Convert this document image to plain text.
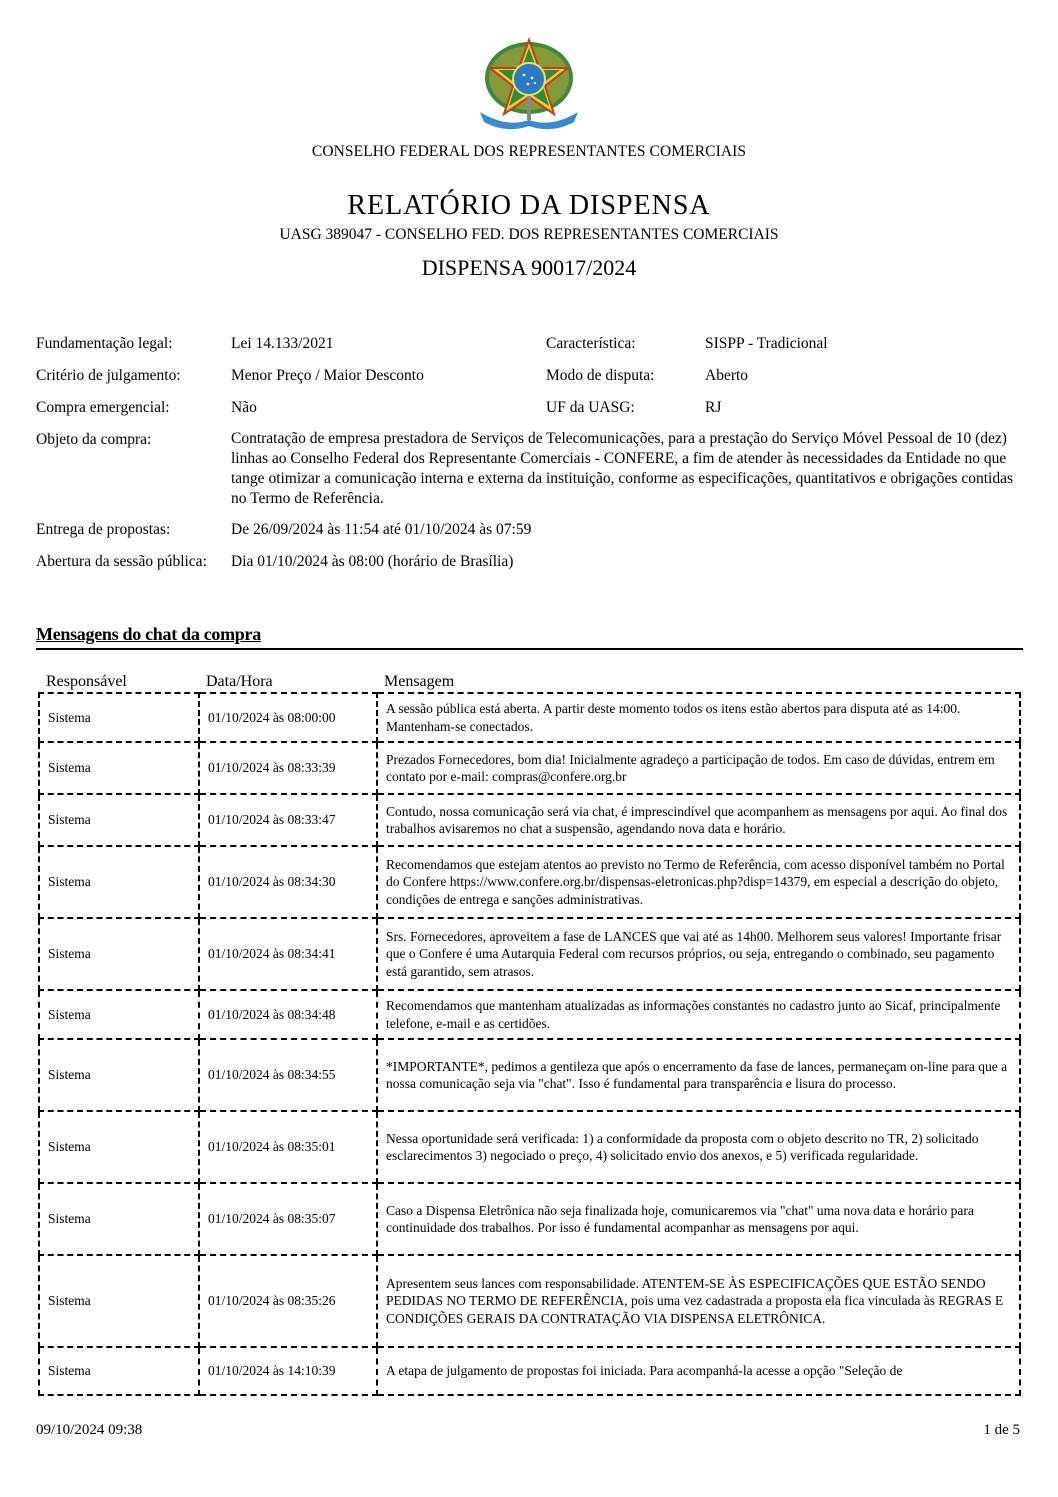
CONSELHO FEDERAL DOS REPRESENTANTES COMERCIAIS
RELATÓRIO DA DISPENSA
UASG 389047 - CONSELHO FED. DOS REPRESENTANTES COMERCIAIS
DISPENSA 90017/2024
Fundamentação legal:	Lei 14.133/2021	Característica:	SISPP - Tradicional
Critério de julgamento:	Menor Preço / Maior Desconto	Modo de disputa:	Aberto
Compra emergencial:	Não	UF da UASG:	RJ
Objeto da compra:	Contratação de empresa prestadora de Serviços de Telecomunicações, para a prestação do Serviço Móvel Pessoal de 10 (dez) linhas ao Conselho Federal dos Representante Comerciais - CONFERE, a fim de atender às necessidades da Entidade no que tange otimizar a comunicação interna e externa da instituição, conforme as especificações, quantitativos e obrigações contidas no Termo de Referência.
Entrega de propostas:	De 26/09/2024 às 11:54 até 01/10/2024 às 07:59
Abertura da sessão pública: Dia 01/10/2024 às 08:00 (horário de Brasília)
Mensagens do chat da compra
Responsável	Data/Hora	Mensagem
Sistema	01/10/2024 às 08:00:00	A sessão pública está aberta. A partir deste momento todos os itens estão abertos para disputa até as 14:00. Mantenham-se conectados.
Sistema	01/10/2024 às 08:33:39	Prezados Fornecedores, bom dia! Inicialmente agradeço a participação de todos. Em caso de dúvidas, entrem em contato por e-mail: compras@confere.org.br
Sistema	01/10/2024 às 08:33:47	Contudo, nossa comunicação será via chat, é imprescindível que acompanhem as mensagens por aqui. Ao final dos trabalhos avisaremos no chat a suspensão, agendando nova data e horário.
Sistema	01/10/2024 às 08:34:30	Recomendamos que estejam atentos ao previsto no Termo de Referência, com acesso disponível também no Portal do Confere https://www.confere.org.br/dispensas-eletronicas.php?disp=14379, em especial a descrição do objeto, condições de entrega e sanções administrativas.
Sistema	01/10/2024 às 08:34:41	Srs. Fornecedores, aproveitem a fase de LANCES que vai até as 14h00. Melhorem seus valores! Importante frisar que o Confere é uma Autarquia Federal com recursos próprios, ou seja, entregando o combinado, seu pagamento está garantido, sem atrasos.
Sistema	01/10/2024 às 08:34:48	Recomendamos que mantenham atualizadas as informações constantes no cadastro junto ao Sicaf, principalmente telefone, e-mail e as certidões.
Sistema	01/10/2024 às 08:34:55	*IMPORTANTE*, pedimos a gentileza que após o encerramento da fase de lances, permaneçam on-line para que a nossa comunicação seja via "chat". Isso é fundamental para transparência e lisura do processo.
Sistema	01/10/2024 às 08:35:01	Nessa oportunidade será verificada: 1) a conformidade da proposta com o objeto descrito no TR, 2) solicitado esclarecimentos 3) negociado o preço, 4) solicitado envio dos anexos, e 5) verificada regularidade.
Sistema	01/10/2024 às 08:35:07	Caso a Dispensa Eletrônica não seja finalizada hoje, comunicaremos via "chat" uma nova data e horário para continuidade dos trabalhos. Por isso é fundamental acompanhar as mensagens por aqui.
Sistema	01/10/2024 às 08:35:26	Apresentem seus lances com responsabilidade. ATENTEM-SE ÀS ESPECIFICAÇÕES QUE ESTÃO SENDO PEDIDAS NO TERMO DE REFERÊNCIA, pois uma vez cadastrada a proposta ela fica vinculada às REGRAS E CONDIÇÕES GERAIS DA CONTRATAÇÃO VIA DISPENSA ELETRÔNICA.
Sistema	01/10/2024 às 14:10:39	A etapa de julgamento de propostas foi iniciada. Para acompanhá-la acesse a opção "Seleção de
09/10/2024 09:38	1 de 5
